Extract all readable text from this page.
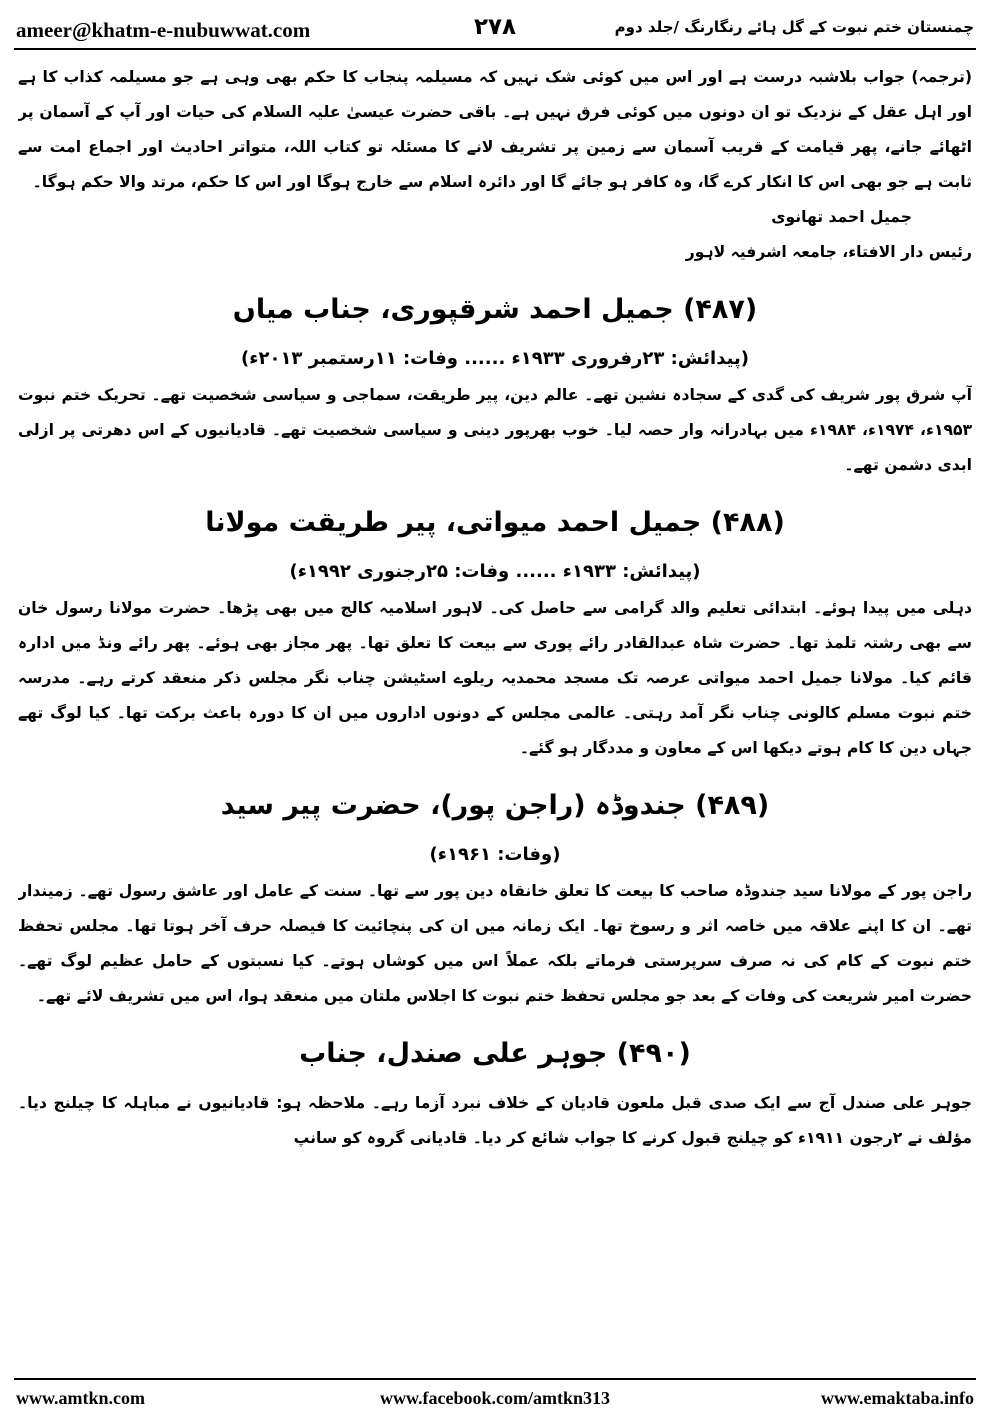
ameer@khatm-e-nubuwwat.com	۲۷۸	چمنستان ختم نبوت کے گل ہائے رنگارنگ /جلد دوم

(ترجمہ) جواب بلاشبہ درست ہے اور اس میں کوئی شک نہیں کہ مسیلمہ پنجاب کا حکم بھی وہی ہے جو مسیلمہ کذاب کا ہے اور اہل عقل کے نزدیک تو ان دونوں میں کوئی فرق نہیں ہے۔ باقی حضرت عیسیٰ علیہ السلام کی حیات اور آپ کے آسمان پر اٹھائے جانے، پھر قیامت کے قریب آسمان سے زمین پر تشریف لانے کا مسئلہ تو کتاب اللہ، متواتر احادیث اور اجماع امت سے ثابت ہے جو بھی اس کا انکار کرے گا، وہ کافر ہو جائے گا اور دائرہ اسلام سے خارج ہوگا اور اس کا حکم، مرتد والا حکم ہوگا۔

جمیل احمد تھانوی

رئیس دار الافتاء، جامعہ اشرفیہ لاہور

(۴۸۷) جمیل احمد شرقپوری، جناب میاں
(پیدائش: ۲۳رفروری ۱۹۳۳ء ...... وفات: ۱۱رستمبر ۲۰۱۳ء)

آپ شرق پور شریف کی گدی کے سجادہ نشین تھے۔ عالم دین، پیر طریقت، سماجی و سیاسی شخصیت تھے۔ تحریک ختم نبوت ۱۹۵۳ء، ۱۹۷۴ء، ۱۹۸۴ء میں بہادرانہ وار حصہ لیا۔ خوب بھرپور دینی و سیاسی شخصیت تھے۔ قادیانیوں کے اس دھرتی پر ازلی ابدی دشمن تھے۔

(۴۸۸) جمیل احمد میواتی، پیر طریقت مولانا
(پیدائش: ۱۹۳۳ء ...... وفات: ۲۵رجنوری ۱۹۹۲ء)

دہلی میں پیدا ہوئے۔ ابتدائی تعلیم والد گرامی سے حاصل کی۔ لاہور اسلامیہ کالج میں بھی پڑھا۔ حضرت مولانا رسول خان سے بھی رشتہ تلمذ تھا۔ حضرت شاہ عبدالقادر رائے پوری سے بیعت کا تعلق تھا۔ پھر مجاز بھی ہوئے۔ پھر رائے ونڈ میں ادارہ قائم کیا۔ مولانا جمیل احمد میواتی عرصہ تک مسجد محمدیہ ریلوے اسٹیشن چناب نگر مجلس ذکر منعقد کرتے رہے۔ مدرسہ ختم نبوت مسلم کالونی چناب نگر آمد رہتی۔ عالمی مجلس کے دونوں اداروں میں ان کا دورہ باعث برکت تھا۔ کیا لوگ تھے جہاں دین کا کام ہوتے دیکھا اس کے معاون و مددگار ہو گئے۔

(۴۸۹) جندوڈہ (راجن پور)، حضرت پیر سید
(وفات: ۱۹۶۱ء)

راجن پور کے مولانا سید جندوڈہ صاحب کا بیعت کا تعلق خانقاہ دین پور سے تھا۔ سنت کے عامل اور عاشق رسول تھے۔ زمیندار تھے۔ ان کا اپنے علاقہ میں خاصہ اثر و رسوخ تھا۔ ایک زمانہ میں ان کی پنچائیت کا فیصلہ حرف آخر ہوتا تھا۔ مجلس تحفظ ختم نبوت کے کام کی نہ صرف سرپرستی فرماتے بلکہ عملاً اس میں کوشاں ہوتے۔ کیا نسبتوں کے حامل عظیم لوگ تھے۔ حضرت امیر شریعت کی وفات کے بعد جو مجلس تحفظ ختم نبوت کا اجلاس ملتان میں منعقد ہوا، اس میں تشریف لائے تھے۔

(۴۹۰) جوہر علی صندل، جناب

جوہر علی صندل آج سے ایک صدی قبل ملعون قادیان کے خلاف نبرد آزما رہے۔ ملاحظہ ہو: قادیانیوں نے مباہلہ کا چیلنج دیا۔ مؤلف نے ۲رجون ۱۹۱۱ء کو چیلنج قبول کرنے کا جواب شائع کر دیا۔ قادیانی گروہ کو سانپ

www.amtkn.com	www.facebook.com/amtkn313	www.emaktaba.info
